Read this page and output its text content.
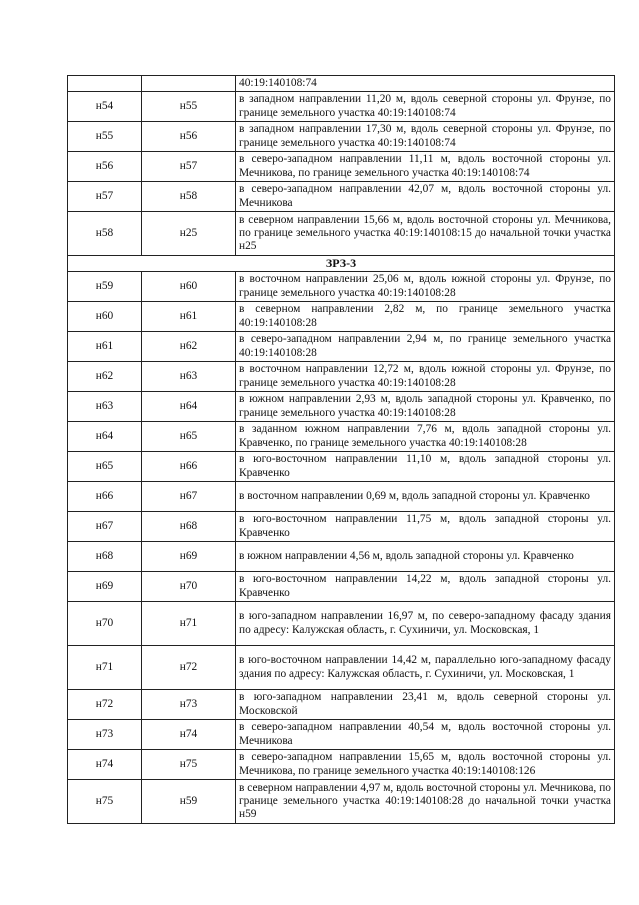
		40:19:140108:74
н54	н55	в западном направлении 11,20 м, вдоль северной стороны ул. Фрунзе, по границе земельного участка 40:19:140108:74
н55	н56	в западном направлении 17,30 м, вдоль северной стороны ул. Фрунзе, по границе земельного участка 40:19:140108:74
н56	н57	в северо-западном направлении 11,11 м, вдоль восточной стороны ул. Мечникова, по границе земельного участка 40:19:140108:74
н57	н58	в северо-западном направлении 42,07 м, вдоль восточной стороны ул. Мечникова
н58	н25	в северном направлении 15,66 м, вдоль восточной стороны ул. Мечникова, по границе земельного участка 40:19:140108:15 до начальной точки участка н25
ЗРЗ-3		
н59	н60	в восточном направлении 25,06 м, вдоль южной стороны ул. Фрунзе, по границе земельного участка 40:19:140108:28
н60	н61	в северном направлении 2,82 м, по границе земельного участка 40:19:140108:28
н61	н62	в северо-западном направлении 2,94 м, по границе земельного участка 40:19:140108:28
н62	н63	в восточном направлении 12,72 м, вдоль южной стороны ул. Фрунзе, по границе земельного участка 40:19:140108:28
н63	н64	в южном направлении 2,93 м, вдоль западной стороны ул. Кравченко, по границе земельного участка 40:19:140108:28
н64	н65	в заданном южном направлении 7,76 м, вдоль западной стороны ул. Кравченко, по границе земельного участка 40:19:140108:28
н65	н66	в юго-восточном направлении 11,10 м, вдоль западной стороны ул. Кравченко
н66	н67	в восточном направлении 0,69 м, вдоль западной стороны ул. Кравченко
н67	н68	в юго-восточном направлении 11,75 м, вдоль западной стороны ул. Кравченко
н68	н69	в южном направлении 4,56 м, вдоль западной стороны ул. Кравченко
н69	н70	в юго-восточном направлении 14,22 м, вдоль западной стороны ул. Кравченко
н70	н71	в юго-западном направлении 16,97 м, по северо-западному фасаду здания по адресу: Калужская область, г. Сухиничи, ул. Московская, 1
н71	н72	в юго-восточном направлении 14,42 м, параллельно юго-западному фасаду здания по адресу: Калужская область, г. Сухиничи, ул. Московская, 1
н72	н73	в юго-западном направлении 23,41 м, вдоль северной стороны ул. Московской
н73	н74	в северо-западном направлении 40,54 м, вдоль восточной стороны ул. Мечникова
н74	н75	в северо-западном направлении 15,65 м, вдоль восточной стороны ул. Мечникова, по границе земельного участка 40:19:140108:126
н75	н59	в северном направлении 4,97 м, вдоль восточной стороны ул. Мечникова, по границе земельного участка 40:19:140108:28 до начальной точки участка н59
